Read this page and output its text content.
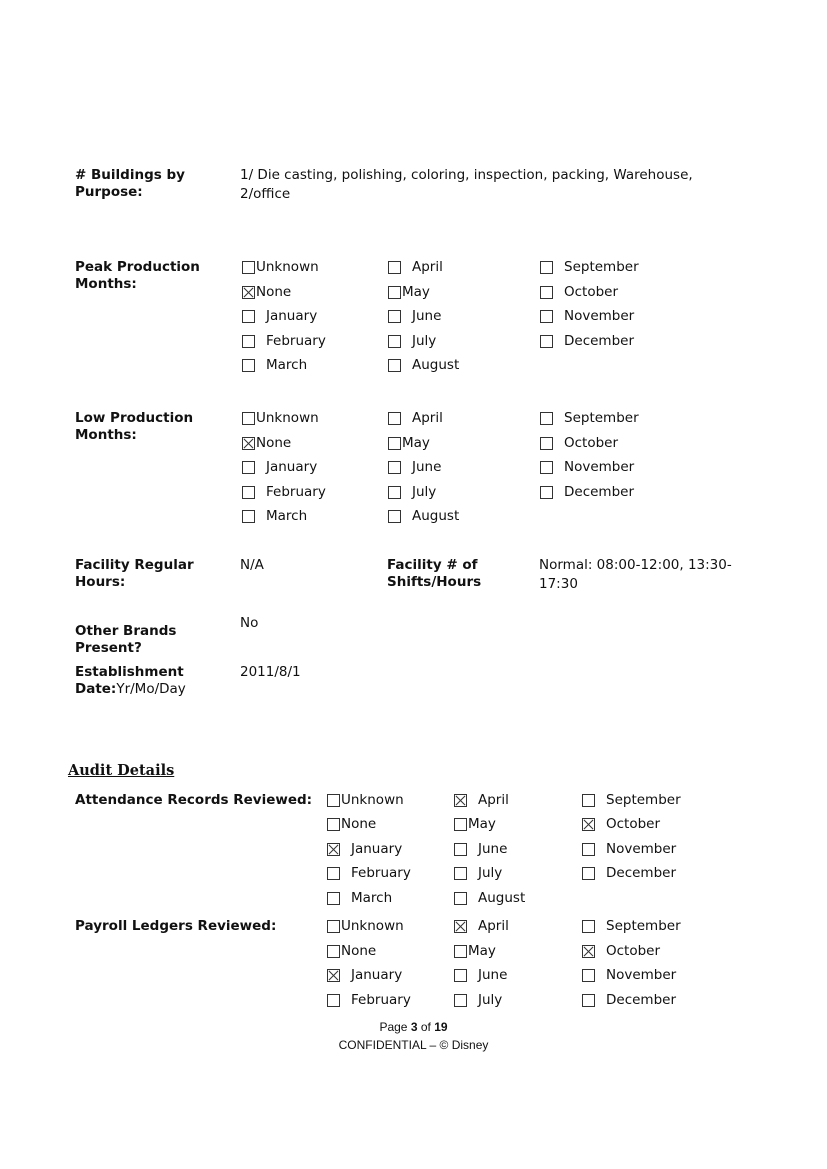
# Buildings by Purpose:
1/ Die casting, polishing, coloring, inspection, packing, Warehouse, 2/office
Peak Production Months:
Unknown
None
January
February
March
April
May
June
July
August
September
October
November
December
Low Production Months:
Unknown
None
January
February
March
April
May
June
July
August
September
October
November
December
Facility Regular Hours:
N/A	Facility # of Shifts/Hours
Normal: 08:00-12:00, 13:30-17:30
Other Brands Present?
No
Establishment Date:Yr/Mo/Day
2011/8/1
Audit Details
Attendance Records Reviewed: Unknown
None
January
February
March
April
May
June
July
August
September
October
November
December
Payroll Ledgers Reviewed:	Unknown
None
January
February
April
May
June
July
September
October
November
December
Page 3 of 19
CONFIDENTIAL – © Disney
